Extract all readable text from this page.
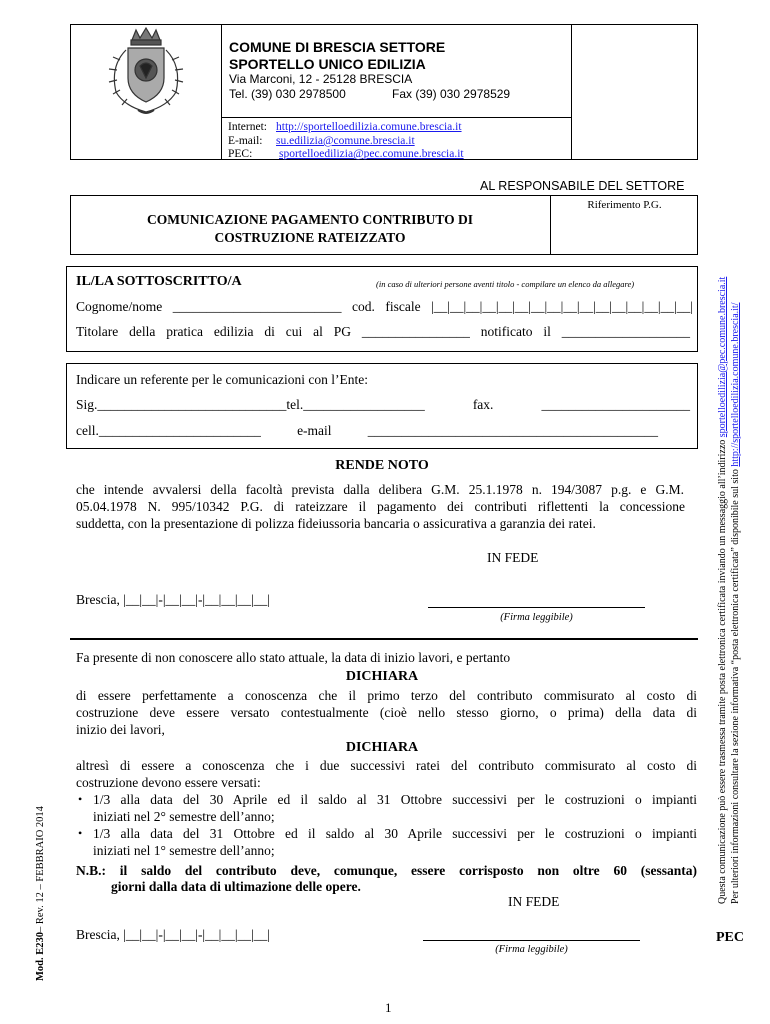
COMUNE DI BRESCIA SETTORE
SPORTELLO UNICO EDILIZIA
Via Marconi, 12 - 25128 BRESCIA
Tel. (39) 030 2978500	Fax (39) 030 2978529
Internet: http://sportelloedilizia.comune.brescia.it
E-mail: su.edilizia@comune.brescia.it
PEC: sportelloedilizia@pec.comune.brescia.it
AL RESPONSABILE DEL SETTORE
COMUNICAZIONE PAGAMENTO CONTRIBUTO DI
COSTRUZIONE RATEIZZATO
Riferimento P.G.
IL/LA SOTTOSCRITTO/A	(in caso di ulteriori persone aventi titolo - compilare un elenco da allegare)
Cognome/nome _________________________ cod. fiscale |__|__|__|__|__|__|__|__|__|__|__|__|__|__|__|__|
Titolare della pratica edilizia di cui al PG ________________ notificato il ___________________
Indicare un referente per le comunicazioni con l’Ente:
Sig.____________________________tel.__________________ fax. ______________________
cell.________________________ e-mail ___________________________________________
RENDE NOTO
che intende avvalersi della facoltà prevista dalla delibera G.M. 25.1.1978 n. 194/3087 p.g. e G.M.
05.04.1978 N. 995/10342 P.G. di rateizzare il pagamento dei contributi riflettenti la concessione
suddetta, con la presentazione di polizza fideiussoria bancaria o assicurativa a garanzia dei ratei.
IN FEDE
Brescia, |__|__|-|__|__|-|__|__|__|__|
(Firma leggibile)
Fa presente di non conoscere allo stato attuale, la data di inizio lavori, e pertanto
DICHIARA
di essere perfettamente a conoscenza che il primo terzo del contributo commisurato al costo di
costruzione deve essere versato contestualmente (cioè nello stesso giorno, o prima) della data di
inizio dei lavori,
DICHIARA
altresì di essere a conoscenza che i due successivi ratei del contributo commisurato al costo di
costruzione devono essere versati:
• 1/3 alla data del 30 Aprile ed il saldo al 31 Ottobre successivi per le costruzioni o impianti
iniziati nel 2° semestre dell’anno;
• 1/3 alla data del 31 Ottobre ed il saldo al 30 Aprile successivi per le costruzioni o impianti
iniziati nel 1° semestre dell’anno;
N.B.: il saldo del contributo deve, comunque, essere corrisposto non oltre 60 (sessanta)
giorni dalla data di ultimazione delle opere.
IN FEDE
Brescia, |__|__|-|__|__|-|__|__|__|__|
(Firma leggibile)
PEC
1
Mod. E230– Rev. 12 – FEBBRAIO 2014	Questa comunicazione può essere trasmessa tramite posta elettronica certificata inviando un messaggio all’indirizzo sportelloedilizia@pec.comune.brescia.it
Per ulteriori informazioni consultare la sezione informativa “posta elettronica certificata” disponibile sul sito http://sportelloedilizia.comune.brescia.it/
